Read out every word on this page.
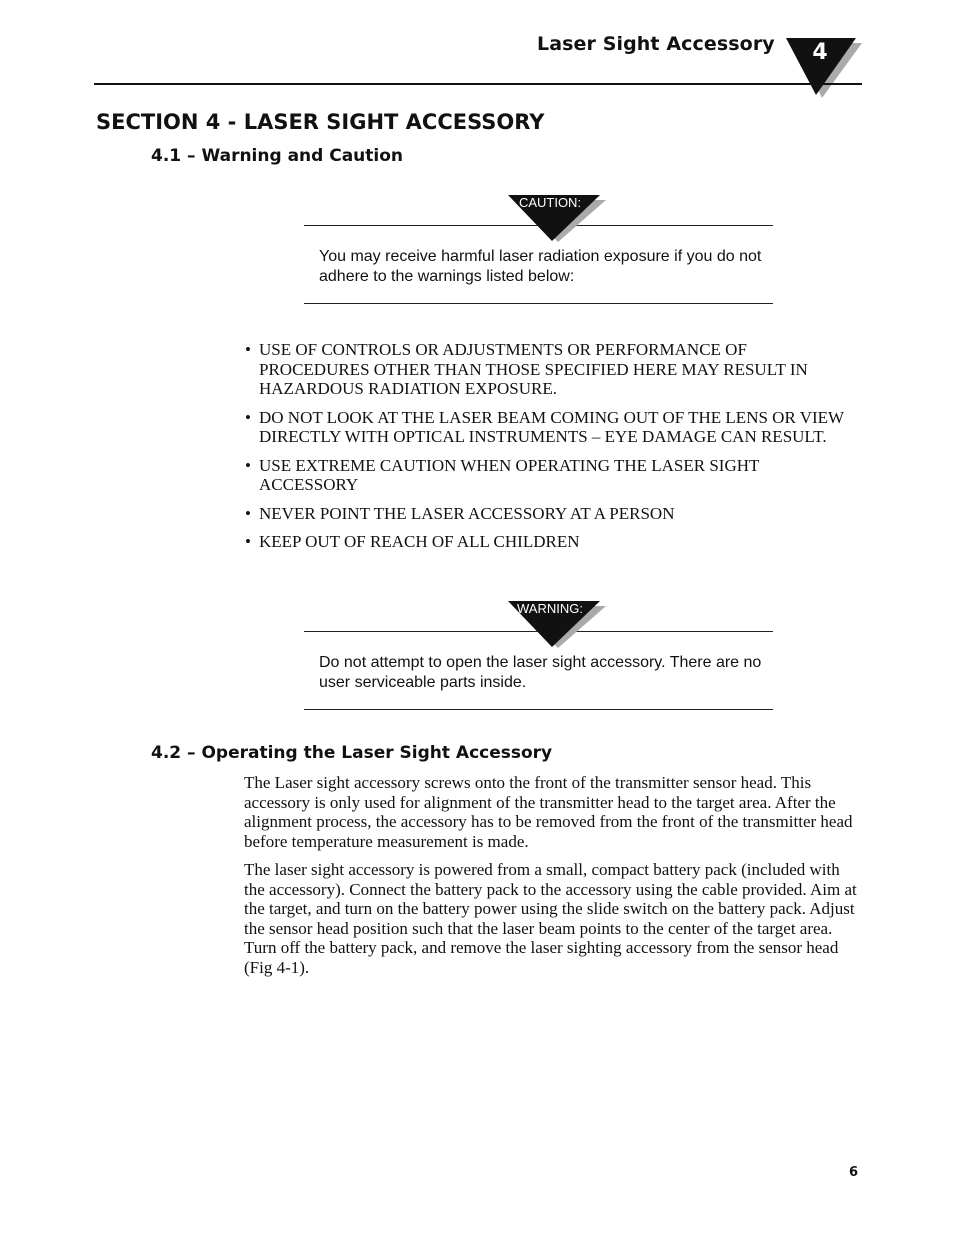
Laser Sight Accessory 4
SECTION 4 - LASER SIGHT ACCESSORY
4.1 – Warning and Caution
CAUTION:
You may receive harmful laser radiation exposure if you do not adhere to the warnings listed below:
• USE OF CONTROLS OR ADJUSTMENTS OR PERFORMANCE OF PROCEDURES OTHER THAN THOSE SPECIFIED HERE MAY RESULT IN HAZARDOUS RADIATION EXPOSURE.
• DO NOT LOOK AT THE LASER BEAM COMING OUT OF THE LENS OR VIEW DIRECTLY WITH OPTICAL INSTRUMENTS – EYE DAMAGE CAN RESULT.
• USE EXTREME CAUTION WHEN OPERATING THE LASER SIGHT ACCESSORY
• NEVER POINT THE LASER ACCESSORY AT A PERSON
• KEEP OUT OF REACH OF ALL CHILDREN
WARNING:
Do not attempt to open the laser sight accessory. There are no user serviceable parts inside.
4.2 – Operating the Laser Sight Accessory

The Laser sight accessory screws onto the front of the transmitter sensor head. This accessory is only used for alignment of the transmitter head to the target area. After the alignment process, the accessory has to be removed from the front of the transmitter head before temperature measurement is made.

The laser sight accessory is powered from a small, compact battery pack (included with the accessory). Connect the battery pack to the accessory using the cable provided. Aim at the target, and turn on the battery power using the slide switch on the battery pack. Adjust the sensor head position such that the laser beam points to the center of the target area. Turn off the battery pack, and remove the laser sighting accessory from the sensor head (Fig 4-1).

6
